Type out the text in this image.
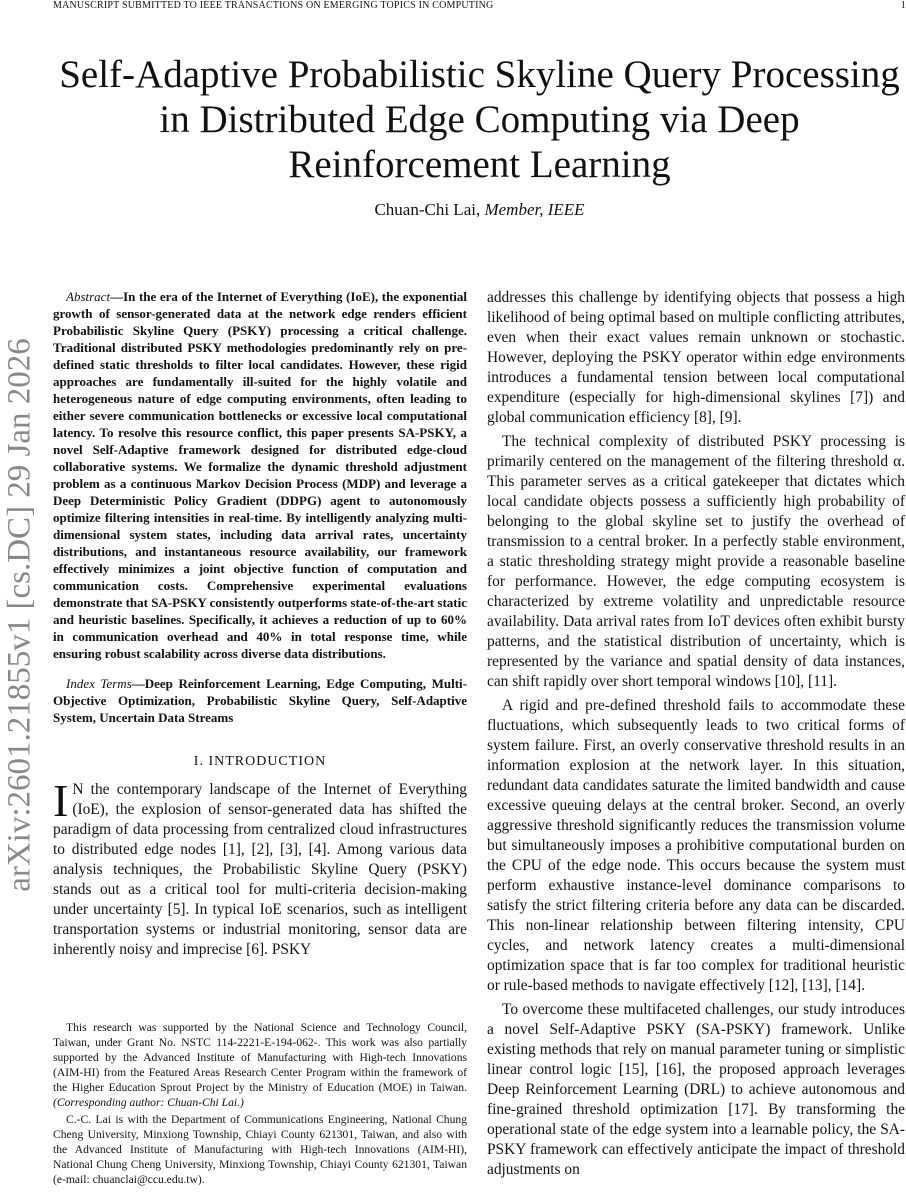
MANUSCRIPT SUBMITTED TO IEEE TRANSACTIONS ON EMERGING TOPICS IN COMPUTING	1
arXiv:2601.21855v1 [cs.DC] 29 Jan 2026
Self-Adaptive Probabilistic Skyline Query Processing in Distributed Edge Computing via Deep Reinforcement Learning
Chuan-Chi Lai, Member, IEEE

Abstract—In the era of the Internet of Everything (IoE), the exponential growth of sensor-generated data at the network edge renders efficient Probabilistic Skyline Query (PSKY) processing a critical challenge. Traditional distributed PSKY methodologies predominantly rely on pre-defined static thresholds to filter local candidates. However, these rigid approaches are fundamentally ill-suited for the highly volatile and heterogeneous nature of edge computing environments, often leading to either severe communication bottlenecks or excessive local computational latency. To resolve this resource conflict, this paper presents SA-PSKY, a novel Self-Adaptive framework designed for distributed edge-cloud collaborative systems. We formalize the dynamic threshold adjustment problem as a continuous Markov Decision Process (MDP) and leverage a Deep Deterministic Policy Gradient (DDPG) agent to autonomously optimize filtering intensities in real-time. By intelligently analyzing multi-dimensional system states, including data arrival rates, uncertainty distributions, and instantaneous resource availability, our framework effectively minimizes a joint objective function of computation and communication costs. Comprehensive experimental evaluations demonstrate that SA-PSKY consistently outperforms state-of-the-art static and heuristic baselines. Specifically, it achieves a reduction of up to 60% in communication overhead and 40% in total response time, while ensuring robust scalability across diverse data distributions.

Index Terms—Deep Reinforcement Learning, Edge Computing, Multi-Objective Optimization, Probabilistic Skyline Query, Self-Adaptive System, Uncertain Data Streams

I. INTRODUCTION

I N the contemporary landscape of the Internet of Everything (IoE), the explosion of sensor-generated data has shifted the paradigm of data processing from centralized cloud infrastructures to distributed edge nodes [1], [2], [3], [4]. Among various data analysis techniques, the Probabilistic Skyline Query (PSKY) stands out as a critical tool for multi-criteria decision-making under uncertainty [5]. In typical IoE scenarios, such as intelligent transportation systems or industrial monitoring, sensor data are inherently noisy and imprecise [6]. PSKY

This research was supported by the National Science and Technology Council, Taiwan, under Grant No. NSTC 114-2221-E-194-062-. This work was also partially supported by the Advanced Institute of Manufacturing with High-tech Innovations (AIM-HI) from the Featured Areas Research Center Program within the framework of the Higher Education Sprout Project by the Ministry of Education (MOE) in Taiwan. (Corresponding author: Chuan-Chi Lai.)

C.-C. Lai is with the Department of Communications Engineering, National Chung Cheng University, Minxiong Township, Chiayi County 621301, Taiwan, and also with the Advanced Institute of Manufacturing with High-tech Innovations (AIM-HI), National Chung Cheng University, Minxiong Township, Chiayi County 621301, Taiwan (e-mail: chuanclai@ccu.edu.tw).

addresses this challenge by identifying objects that possess a high likelihood of being optimal based on multiple conflicting attributes, even when their exact values remain unknown or stochastic. However, deploying the PSKY operator within edge environments introduces a fundamental tension between local computational expenditure (especially for high-dimensional skylines [7]) and global communication efficiency [8], [9].

The technical complexity of distributed PSKY processing is primarily centered on the management of the filtering threshold α. This parameter serves as a critical gatekeeper that dictates which local candidate objects possess a sufficiently high probability of belonging to the global skyline set to justify the overhead of transmission to a central broker. In a perfectly stable environment, a static thresholding strategy might provide a reasonable baseline for performance. However, the edge computing ecosystem is characterized by extreme volatility and unpredictable resource availability. Data arrival rates from IoT devices often exhibit bursty patterns, and the statistical distribution of uncertainty, which is represented by the variance and spatial density of data instances, can shift rapidly over short temporal windows [10], [11].

A rigid and pre-defined threshold fails to accommodate these fluctuations, which subsequently leads to two critical forms of system failure. First, an overly conservative threshold results in an information explosion at the network layer. In this situation, redundant data candidates saturate the limited bandwidth and cause excessive queuing delays at the central broker. Second, an overly aggressive threshold significantly reduces the transmission volume but simultaneously imposes a prohibitive computational burden on the CPU of the edge node. This occurs because the system must perform exhaustive instance-level dominance comparisons to satisfy the strict filtering criteria before any data can be discarded. This non-linear relationship between filtering intensity, CPU cycles, and network latency creates a multi-dimensional optimization space that is far too complex for traditional heuristic or rule-based methods to navigate effectively [12], [13], [14].

To overcome these multifaceted challenges, our study introduces a novel Self-Adaptive PSKY (SA-PSKY) framework. Unlike existing methods that rely on manual parameter tuning or simplistic linear control logic [15], [16], the proposed approach leverages Deep Reinforcement Learning (DRL) to achieve autonomous and fine-grained threshold optimization [17]. By transforming the operational state of the edge system into a learnable policy, the SA-PSKY framework can effectively anticipate the impact of threshold adjustments on
